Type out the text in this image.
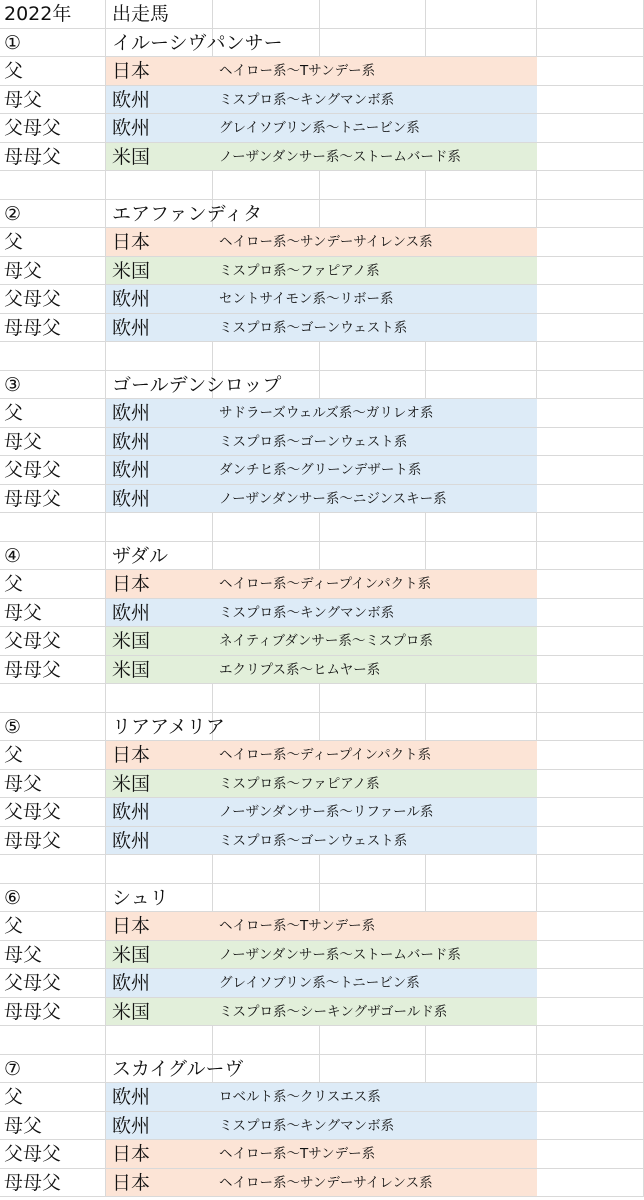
2022年 出走馬
①	イルーシヴパンサー
父	日本	ヘイロー系～Tサンデー系
母父	欧州	ミスプロ系～キングマンボ系
父母父	欧州	グレイソブリン系～トニービン系
母母父	米国	ノーザンダンサー系～ストームバード系
②	エアファンディタ
父	日本	ヘイロー系～サンデーサイレンス系
母父	米国	ミスプロ系～ファピアノ系
父母父	欧州	セントサイモン系～リボー系
母母父	欧州	ミスプロ系～ゴーンウェスト系
③	ゴールデンシロップ
父	欧州	サドラーズウェルズ系～ガリレオ系
母父	欧州	ミスプロ系～ゴーンウェスト系
父母父	欧州	ダンチヒ系～グリーンデザート系
母母父	欧州	ノーザンダンサー系～ニジンスキー系
④	ザダル
父	日本	ヘイロー系～ディープインパクト系
母父	欧州	ミスプロ系～キングマンボ系
父母父	米国	ネイティブダンサー系～ミスプロ系
母母父	米国	エクリプス系～ヒムヤー系
⑤	リアアメリア
父	日本	ヘイロー系～ディープインパクト系
母父	米国	ミスプロ系～ファピアノ系
父母父	欧州	ノーザンダンサー系～リファール系
母母父	欧州	ミスプロ系～ゴーンウェスト系
⑥	シュリ
父	日本	ヘイロー系～Tサンデー系
母父	米国	ノーザンダンサー系～ストームバード系
父母父	欧州	グレイソブリン系～トニービン系
母母父	米国	ミスプロ系～シーキングザゴールド系
⑦	スカイグルーヴ
父	欧州	ロベルト系～クリスエス系
母父	欧州	ミスプロ系～キングマンボ系
父母父	日本	ヘイロー系～Tサンデー系
母母父	日本	ヘイロー系～サンデーサイレンス系
